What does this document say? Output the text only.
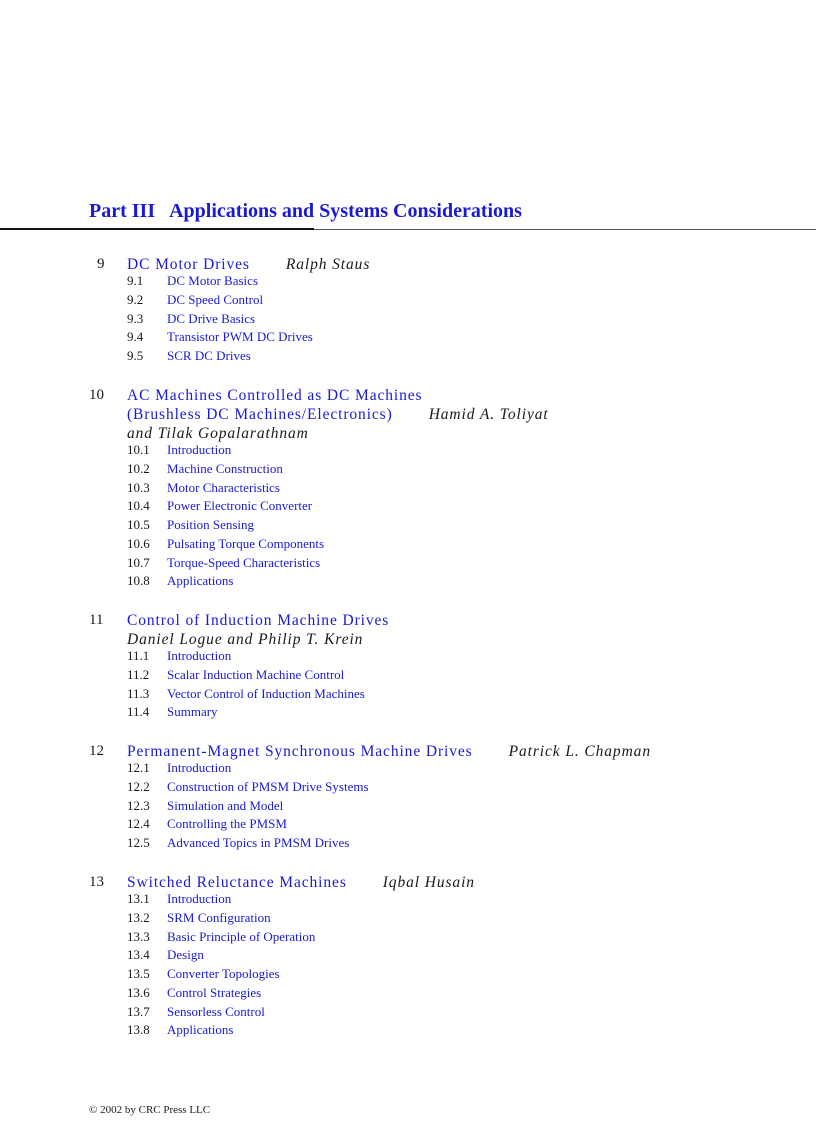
Part III Applications and Systems Considerations
9	DC Motor Drives Ralph Staus
9.1 DC Motor Basics
9.2 DC Speed Control
9.3 DC Drive Basics
9.4 Transistor PWM DC Drives
9.5 SCR DC Drives
10	AC Machines Controlled as DC Machines
(Brushless DC Machines/Electronics) Hamid A. Toliyat
and Tilak Gopalarathnam
10.1 Introduction
10.2 Machine Construction
10.3 Motor Characteristics
10.4 Power Electronic Converter
10.5 Position Sensing
10.6 Pulsating Torque Components
10.7 Torque-Speed Characteristics
10.8 Applications
11	Control of Induction Machine Drives
Daniel Logue and Philip T. Krein
11.1 Introduction
11.2 Scalar Induction Machine Control
11.3 Vector Control of Induction Machines
11.4 Summary
12	Permanent-Magnet Synchronous Machine Drives Patrick L. Chapman
12.1 Introduction
12.2 Construction of PMSM Drive Systems
12.3 Simulation and Model
12.4 Controlling the PMSM
12.5 Advanced Topics in PMSM Drives
13	Switched Reluctance Machines Iqbal Husain
13.1 Introduction
13.2 SRM Configuration
13.3 Basic Principle of Operation
13.4 Design
13.5 Converter Topologies
13.6 Control Strategies
13.7 Sensorless Control
13.8 Applications
© 2002 by CRC Press LLC
